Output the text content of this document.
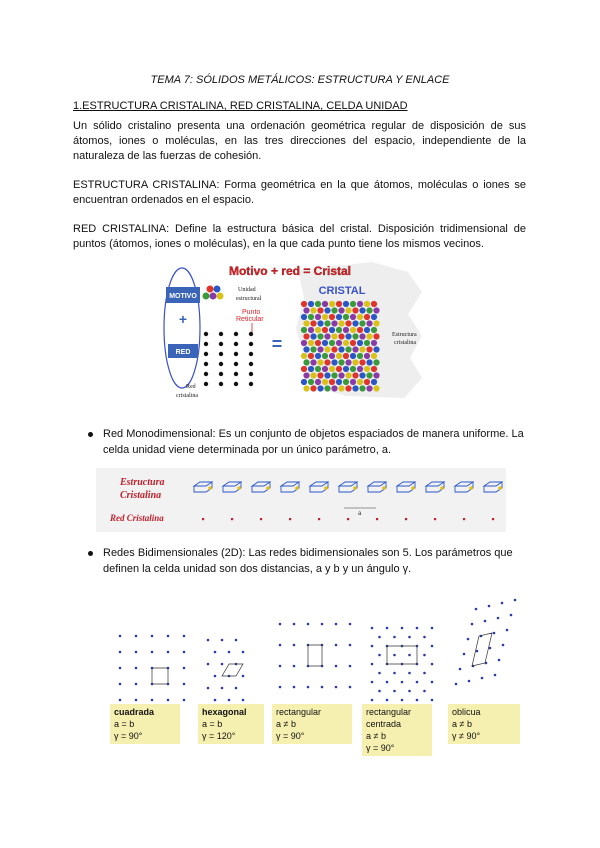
TEMA 7: SÓLIDOS METÁLICOS: ESTRUCTURA Y ENLACE
1.ESTRUCTURA CRISTALINA, RED CRISTALINA, CELDA UNIDAD
Un sólido cristalino presenta una ordenación geométrica regular de disposición de sus átomos, iones o moléculas, en las tres direcciones del espacio, independiente de la naturaleza de las fuerzas de cohesión.
ESTRUCTURA CRISTALINA: Forma geométrica en la que átomos, moléculas o iones se encuentran ordenados en el espacio.
RED CRISTALINA: Define la estructura básica del cristal. Disposición tridimensional de puntos (átomos, iones o moléculas), en la que cada punto tiene los mismos vecinos.
Motivo + red = Cristal
MOTIVO
+
RED
Unidad
estructural
Punto
Reticular
Red
cristalina
=
CRISTAL
Estructura
cristalina
Red Monodimensional: Es un conjunto de objetos espaciados de manera uniforme. La celda unidad viene determinada por un único parámetro, a.
Estructura
Cristalina
Red Cristalina	a
Redes Bidimensionales (2D): Las redes bidimensionales son 5. Los parámetros que definen la celda unidad son dos distancias, a y b y un ángulo γ.
cuadrada
a = b
γ = 90°
hexagonal
a = b
γ = 120°
rectangular
a ≠ b
γ = 90°
rectangular
centrada
a ≠ b
γ = 90°
oblicua
a ≠ b
γ ≠ 90°
